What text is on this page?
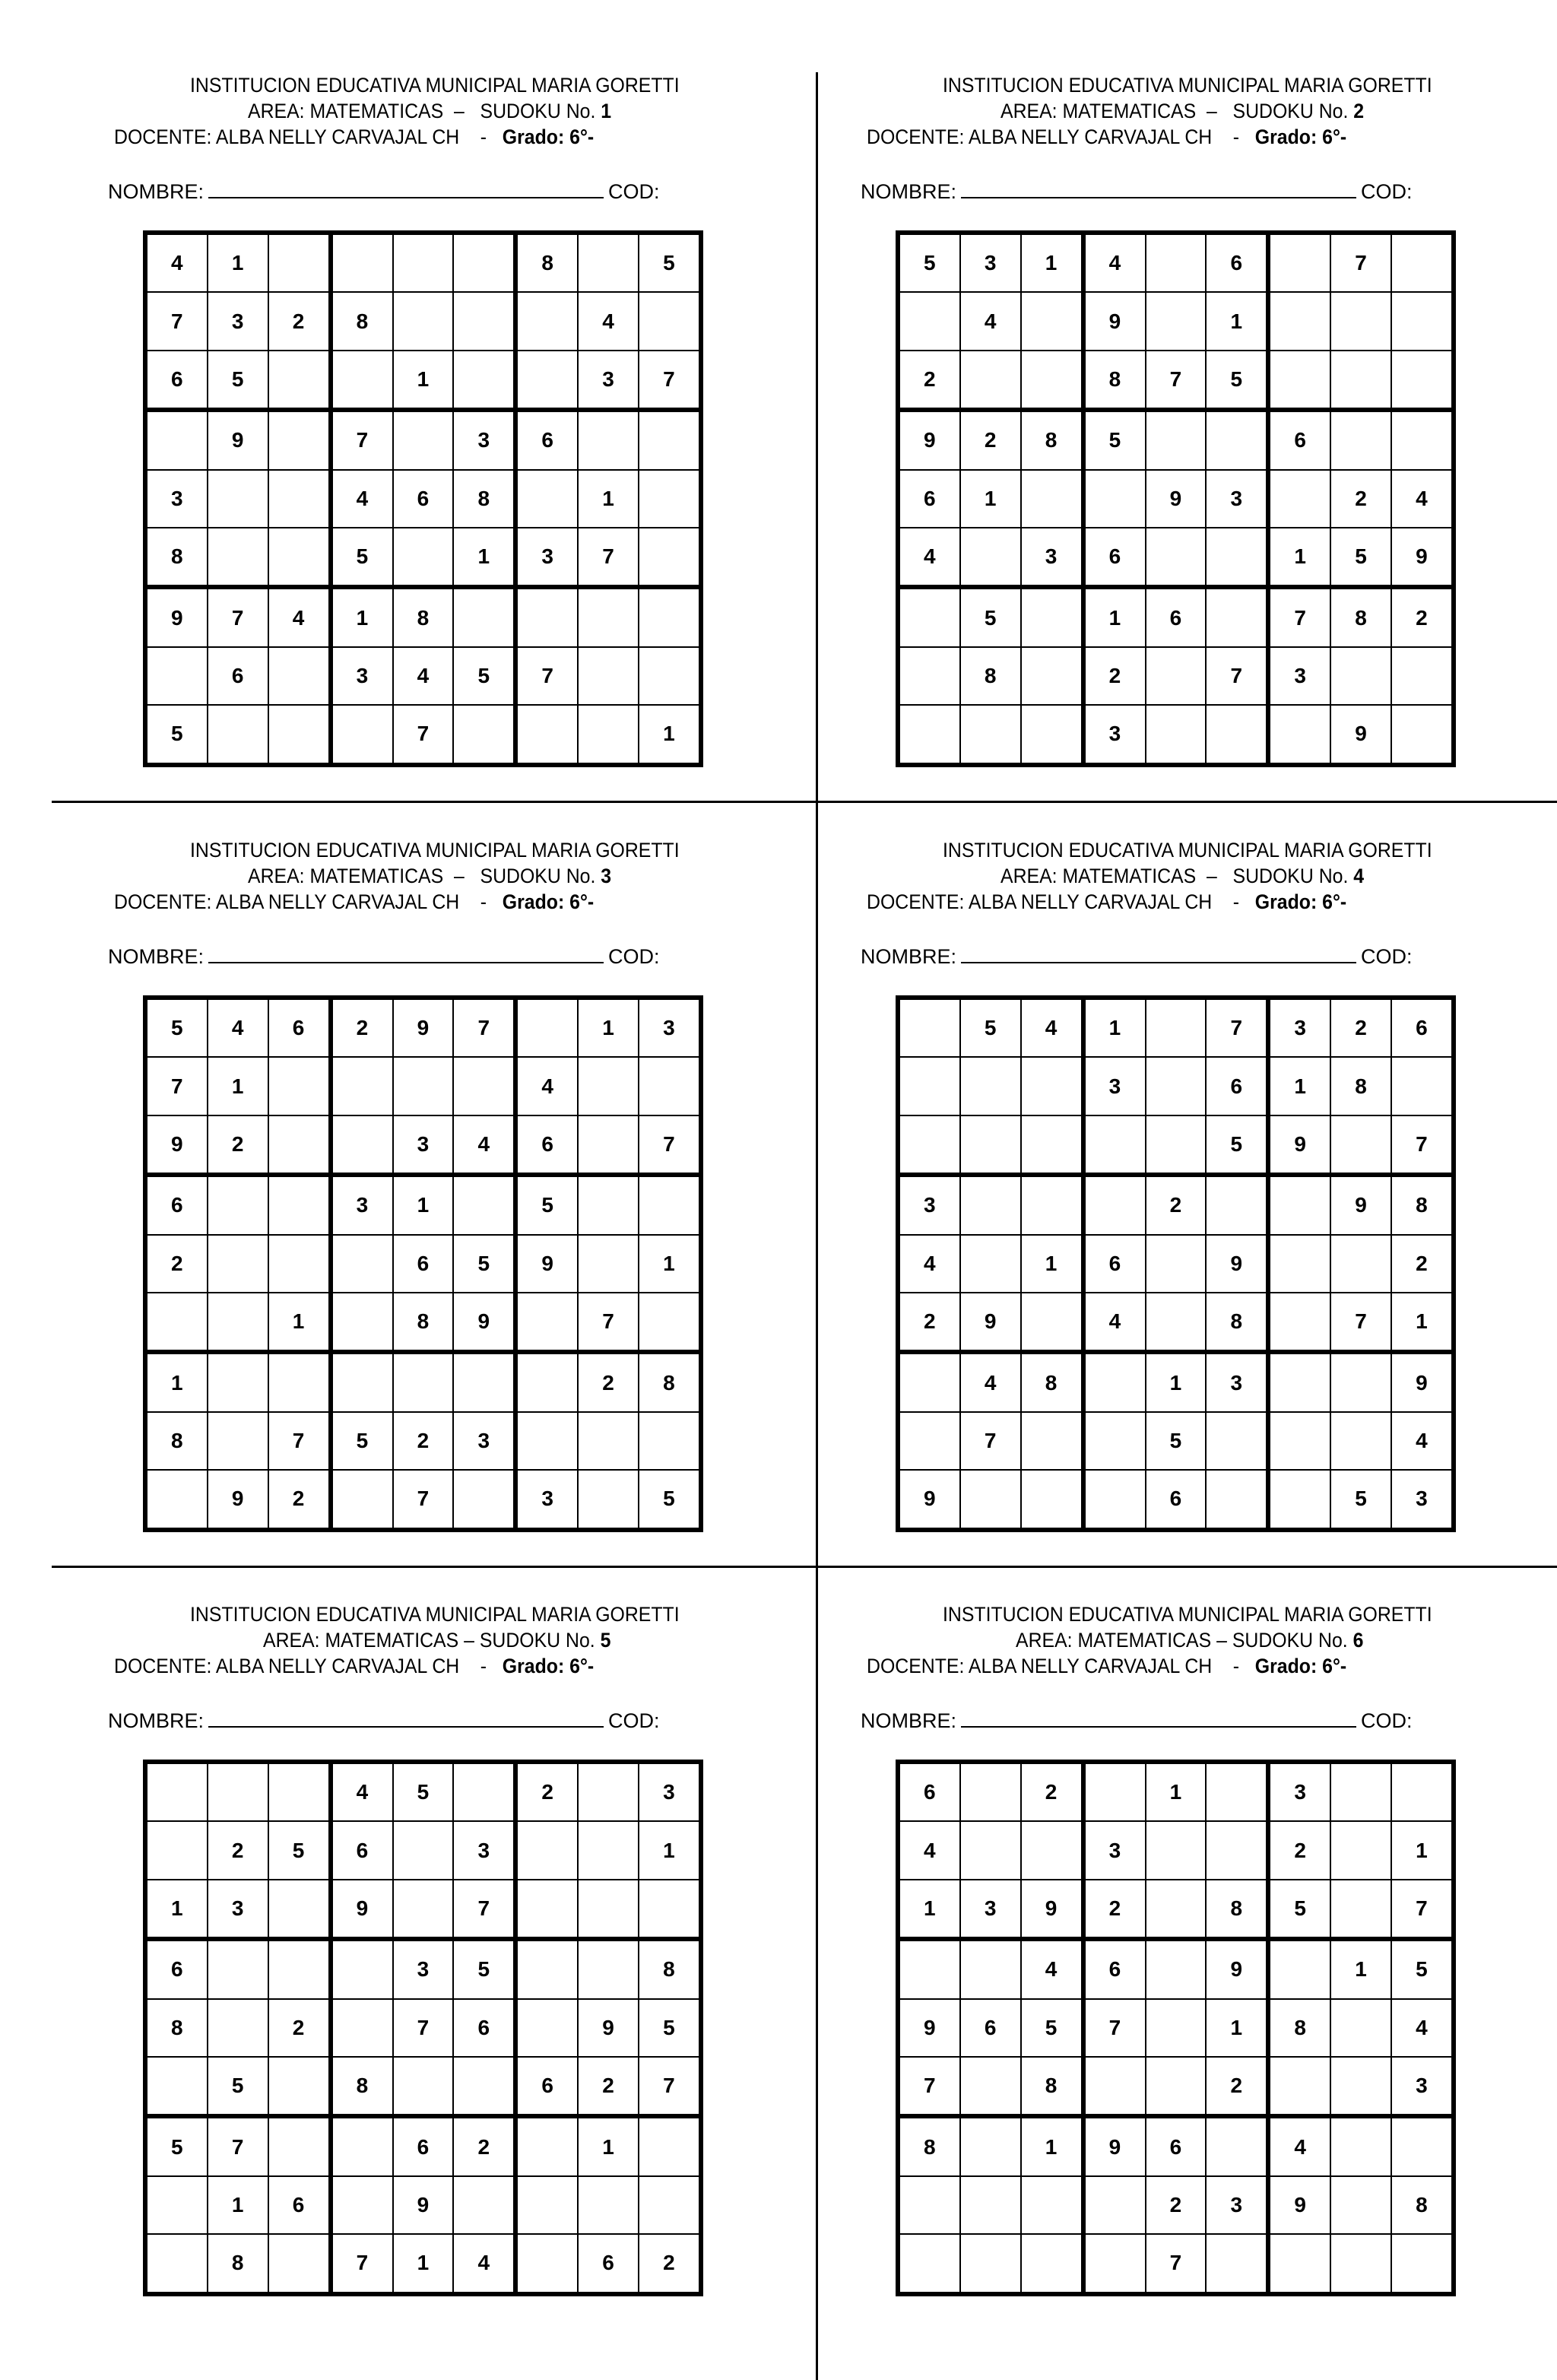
INSTITUCION EDUCATIVA MUNICIPAL MARIA GORETTI
AREA: MATEMATICAS – SUDOKU No. 1
DOCENTE: ALBA NELLY CARVAJAL CH - Grado: 6°-
NOMBRE:	COD:
4	1					8		5

7	3	2	8				4	

6	5			1			3	7

	9		7		3	6		

3			4	6	8		1	

8			5		1	3	7	

9	7	4	1	8				

	6		3	4	5	7		

5				7				1
INSTITUCION EDUCATIVA MUNICIPAL MARIA GORETTI
AREA: MATEMATICAS – SUDOKU No. 2
DOCENTE: ALBA NELLY CARVAJAL CH - Grado: 6°-
NOMBRE:	COD:
5	3	1	4		6		7	

	4		9		1			

2			8	7	5			

9	2	8	5			6		

6	1			9	3		2	4

4		3	6			1	5	9

	5		1	6		7	8	2

	8		2		7	3		

			3				9	

INSTITUCION EDUCATIVA MUNICIPAL MARIA GORETTI
AREA: MATEMATICAS – SUDOKU No. 3
DOCENTE: ALBA NELLY CARVAJAL CH - Grado: 6°-
NOMBRE:	COD:
5	4	6	2	9	7		1	3

7	1					4		

9	2			3	4	6		7

6			3	1		5		

2				6	5	9		1

		1		8	9		7	

1							2	8

8		7	5	2	3			

	9	2		7		3		5
INSTITUCION EDUCATIVA MUNICIPAL MARIA GORETTI
AREA: MATEMATICAS – SUDOKU No. 4
DOCENTE: ALBA NELLY CARVAJAL CH - Grado: 6°-
NOMBRE:	COD:

	5	4	1		7	3	2	6

			3		6	1	8	

					5	9		7

3				2			9	8

4		1	6		9			2

2	9		4		8		7	1

	4	8		1	3			9

	7			5				4

9				6			5	3
INSTITUCION EDUCATIVA MUNICIPAL MARIA GORETTI
AREA: MATEMATICAS – SUDOKU No. 5
DOCENTE: ALBA NELLY CARVAJAL CH - Grado: 6°-
NOMBRE:	COD:

			4	5		2		3

	2	5	6		3			1

1	3		9		7			

6				3	5			8

8		2		7	6		9	5

	5		8			6	2	7

5	7			6	2		1	

	1	6		9				

	8		7	1	4		6	2
INSTITUCION EDUCATIVA MUNICIPAL MARIA GORETTI
AREA: MATEMATICAS – SUDOKU No. 6
DOCENTE: ALBA NELLY CARVAJAL CH - Grado: 6°-
NOMBRE:	COD:
6		2		1		3		

4			3			2		1

1	3	9	2		8	5		7

		4	6		9		1	5

9	6	5	7		1	8		4

7		8			2			3

8		1	9	6		4		

				2	3	9		8

				7				
